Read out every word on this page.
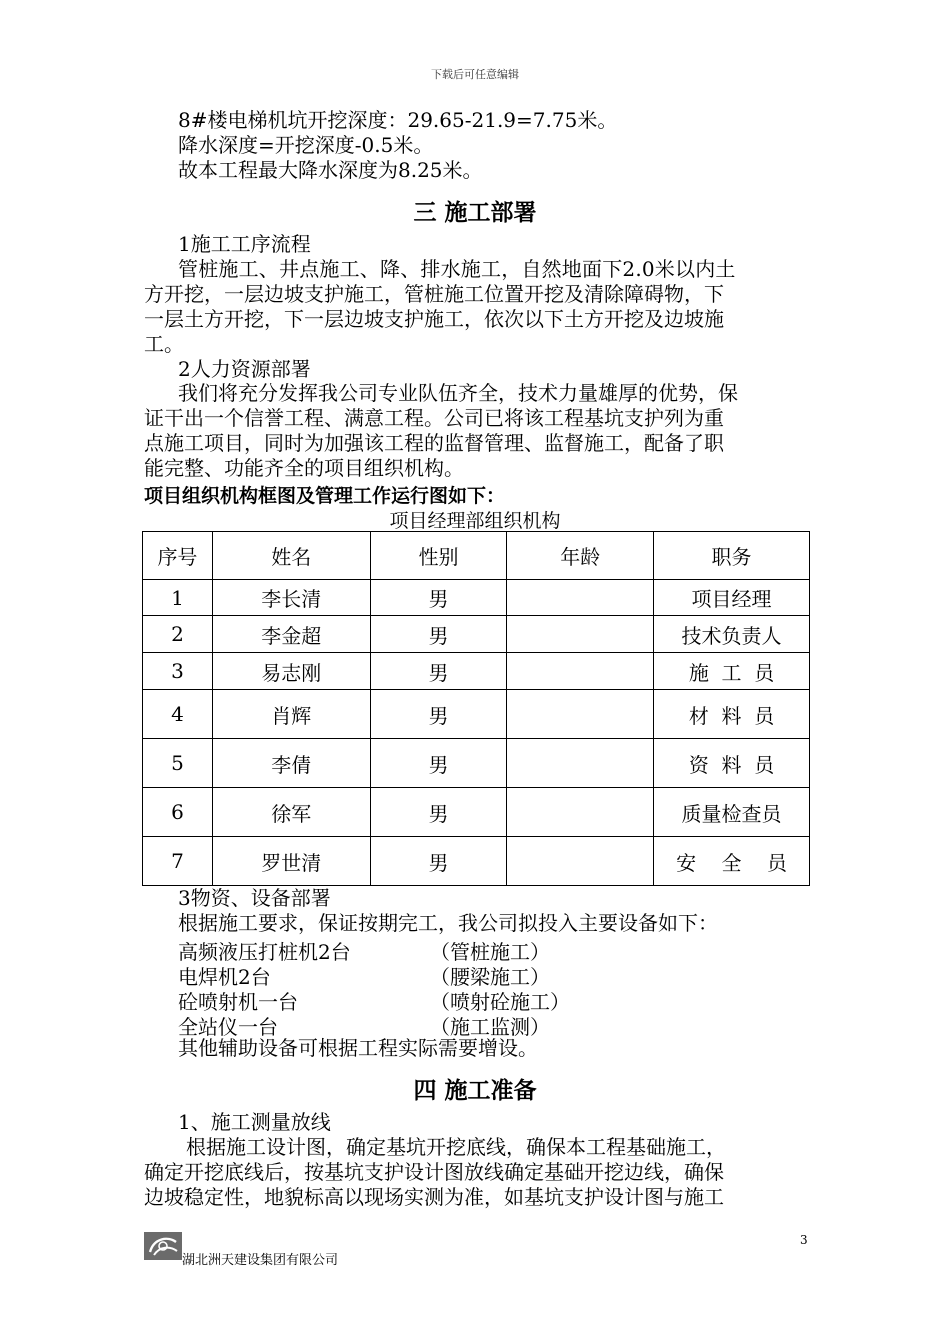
下载后可任意编辑
8#楼电梯机坑开挖深度：29.65-21.9=7.75米。
降水深度=开挖深度-0.5米。
故本工程最大降水深度为8.25米。
三 施工部署
1施工工序流程
管桩施工、井点施工、降、排水施工，自然地面下2.0米以内土
方开挖，一层边坡支护施工，管桩施工位置开挖及清除障碍物，下
一层土方开挖，下一层边坡支护施工，依次以下土方开挖及边坡施
工。
2人力资源部署
我们将充分发挥我公司专业队伍齐全，技术力量雄厚的优势，保
证干出一个信誉工程、满意工程。公司已将该工程基坑支护列为重
点施工项目，同时为加强该工程的监督管理、监督施工，配备了职
能完整、功能齐全的项目组织机构。
项目组织机构框图及管理工作运行图如下：
项目经理部组织机构
序号	姓名	性别	年龄	职务
1	李长清	男		项目经理
2	李金超	男		技术负责人
3	易志刚	男		施  工  员
4	肖辉	男		材  料  员
5	李倩	男		资  料  员
6	徐军	男		质量检查员
7	罗世清	男		安    全    员
3物资、设备部署
根据施工要求，保证按期完工，我公司拟投入主要设备如下：
高频液压打桩机2台	（管桩施工）
电焊机2台	（腰梁施工）
砼喷射机一台	（喷射砼施工）
全站仪一台	（施工监测）
其他辅助设备可根据工程实际需要增设。
四 施工准备
1、施工测量放线
根据施工设计图，确定基坑开挖底线，确保本工程基础施工，
确定开挖底线后，按基坑支护设计图放线确定基础开挖边线，确保
边坡稳定性，地貌标高以现场实测为准，如基坑支护设计图与施工
3
湖北洲天建设集团有限公司
